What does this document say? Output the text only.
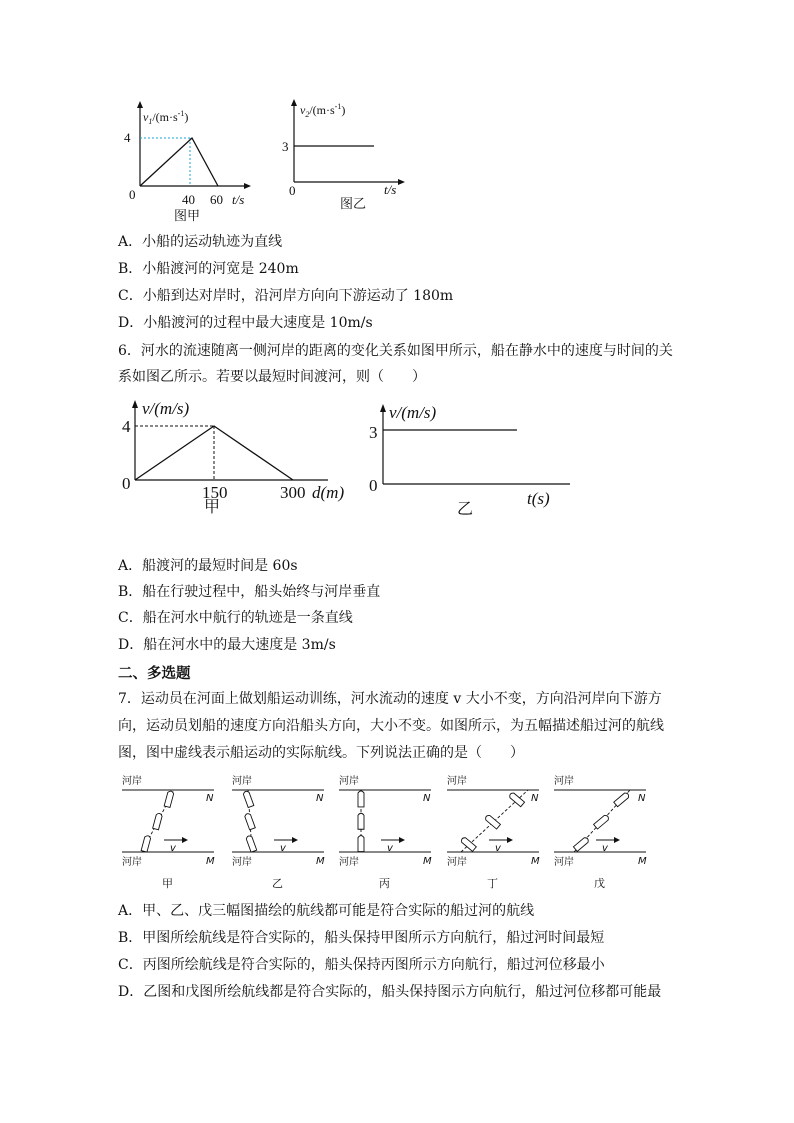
$v_1/(m\cdot s^{-1})$
4
0	40 60 t/s
图甲
$v_2/(m\cdot s^{-1})$
3
0	t/s
图乙
A．小船的运动轨迹为直线
B．小船渡河的河宽是 240m
C．小船到达对岸时，沿河岸方向向下游运动了 180m
D．小船渡河的过程中最大速度是 10m/s
6．河水的流速随离一侧河岸的距离的变化关系如图甲所示，船在静水中的速度与时间的关
系如图乙所示。若要以最短时间渡河，则（　　）
v/(m/s)
4
0	150	300 d(m)
甲
v/(m/s)
3
0
t(s)
乙
A．船渡河的最短时间是 60s
B．船在行驶过程中，船头始终与河岸垂直
C．船在河水中航行的轨迹是一条直线
D．船在河水中的最大速度是 3m/s
二、多选题
7．运动员在河面上做划船运动训练，河水流动的速度 v 大小不变，方向沿河岸向下游方
向，运动员划船的速度方向沿船头方向，大小不变。如图所示，为五幅描述船过河的航线
图，图中虚线表示船运动的实际航线。下列说法正确的是（　　）
河岸
河岸
N
M
v
甲
河岸
河岸
N
M
v
乙
河岸
河岸
N
M
v
丙
河岸
河岸
N
M
v
丁
河岸
河岸
N
M
v
戊
A．甲、乙、戊三幅图描绘的航线都可能是符合实际的船过河的航线
B．甲图所绘航线是符合实际的，船头保持甲图所示方向航行，船过河时间最短
C．丙图所绘航线是符合实际的，船头保持丙图所示方向航行，船过河位移最小
D．乙图和戊图所绘航线都是符合实际的，船头保持图示方向航行，船过河位移都可能最
